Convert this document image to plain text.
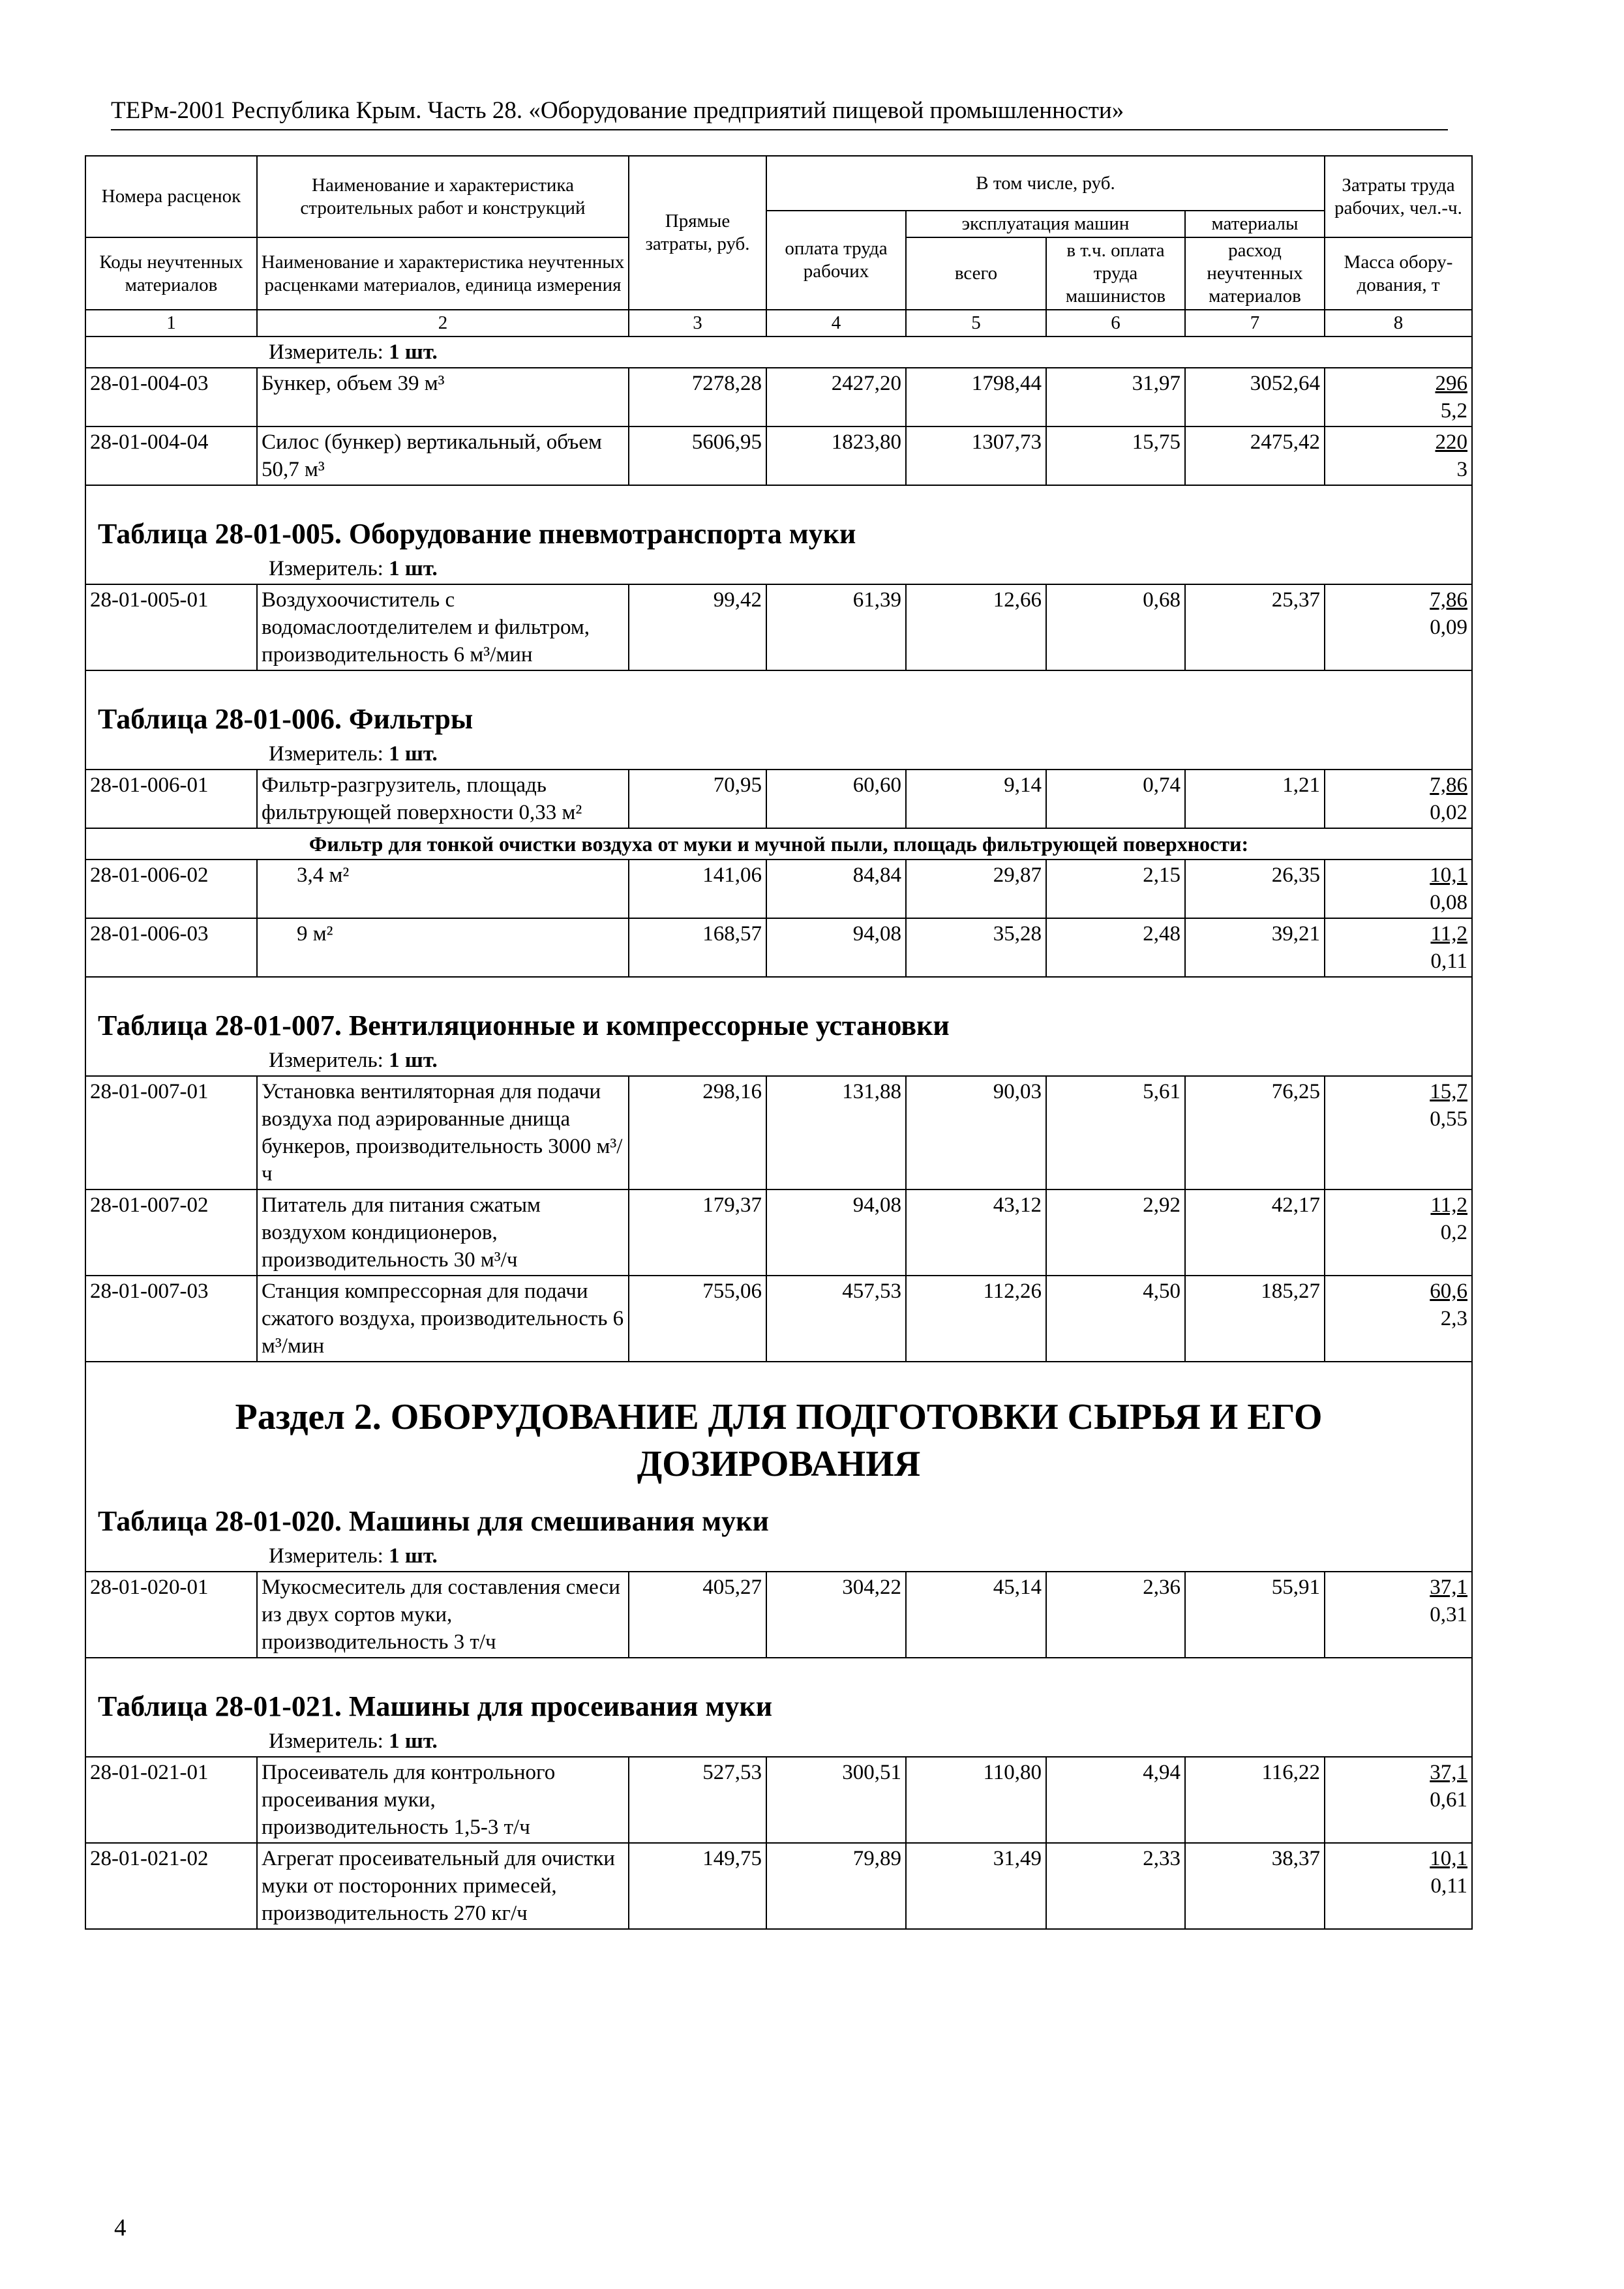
ТЕРм-2001 Республика Крым. Часть 28. «Оборудование предприятий пищевой промышленности»
Номера расценок	Наименование и характеристика строительных работ и конструкций	Прямые затраты, руб.	В том числе, руб.				Затраты труда рабочих, чел.-ч.
			оплата труда рабочих	эксплуатация машин		материалы	
Коды неучтенных материалов	Наименование и характеристика неучтенных расценками материалов, единица измерения			всего	в т.ч. оплата труда машинистов	расход неучтенных материалов	
							Масса обору-дования, т
1	2	3	4	5	6	7	8
Измеритель: 1 шт.							
28-01-004-03	Бункер, объем 39 м³	7278,28	2427,20	1798,44	31,97	3052,64	296
5,2

28-01-004-04	Силос (бункер) вертикальный, объем 50,7 м³	5606,95	1823,80	1307,73	15,75	2475,42	220
3

Таблица 28-01-005. Оборудование пневмотранспорта муки							
Измеритель: 1 шт.							
28-01-005-01	Воздухоочиститель с водомаслоотделителем и фильтром, производительность 6 м³/мин	99,42	61,39	12,66	0,68	25,37	7,86
0,09

Таблица 28-01-006. Фильтры							
Измеритель: 1 шт.							
28-01-006-01	Фильтр-разгрузитель, площадь фильтрующей поверхности 0,33 м²	70,95	60,60	9,14	0,74	1,21	7,86
0,02

Фильтр для тонкой очистки воздуха от муки и мучной пыли, площадь фильтрующей поверхности:							
28-01-006-02	3,4 м²	141,06	84,84	29,87	2,15	26,35	10,1
0,08

28-01-006-03	9 м²	168,57	94,08	35,28	2,48	39,21	11,2
0,11

Таблица 28-01-007. Вентиляционные и компрессорные установки							
Измеритель: 1 шт.							
28-01-007-01	Установка вентиляторная для подачи воздуха под аэрированные днища бункеров, производительность 3000 м³/ч	298,16	131,88	90,03	5,61	76,25	15,7
0,55

28-01-007-02	Питатель для питания сжатым воздухом кондиционеров, производительность 30 м³/ч	179,37	94,08	43,12	2,92	42,17	11,2
0,2

28-01-007-03	Станция компрессорная для подачи сжатого воздуха, производительность 6 м³/мин	755,06	457,53	112,26	4,50	185,27	60,6
2,3

Раздел 2. ОБОРУДОВАНИЕ ДЛЯ ПОДГОТОВКИ СЫРЬЯ И ЕГО
ДОЗИРОВАНИЯ							

Таблица 28-01-020. Машины для смешивания муки							
Измеритель: 1 шт.							
28-01-020-01	Мукосмеситель для составления смеси из двух сортов муки, производительность 3 т/ч	405,27	304,22	45,14	2,36	55,91	37,1
0,31

Таблица 28-01-021. Машины для просеивания муки							
Измеритель: 1 шт.							
28-01-021-01	Просеиватель для контрольного просеивания муки, производительность 1,5-3 т/ч	527,53	300,51	110,80	4,94	116,22	37,1
0,61

28-01-021-02	Агрегат просеивательный для очистки муки от посторонних примесей, производительность 270 кг/ч	149,75	79,89	31,49	2,33	38,37	10,1
0,11
4
